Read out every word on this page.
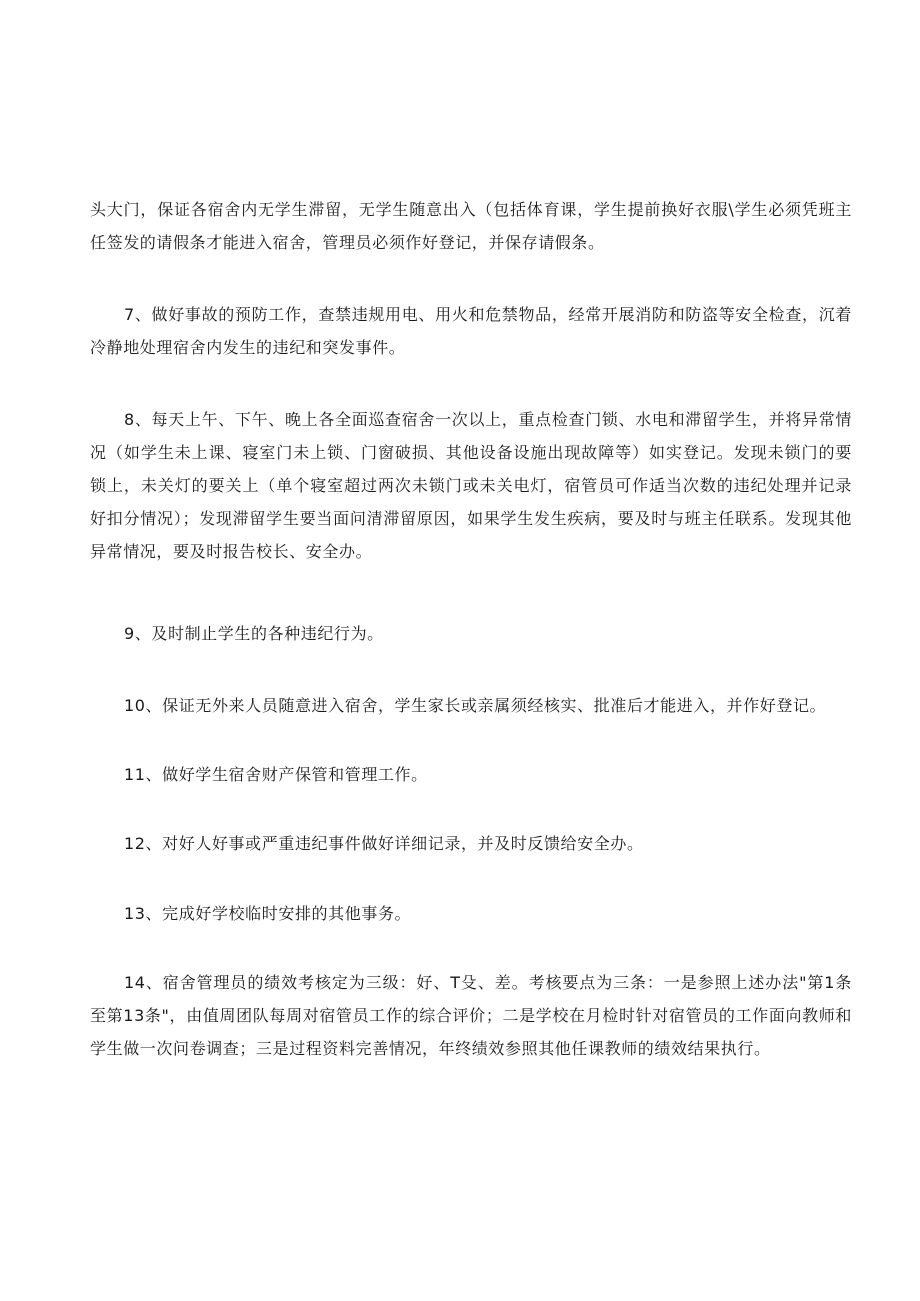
头大门，保证各宿舍内无学生滞留，无学生随意出入（包括体育课，学生提前换好衣服\学生必须凭班主任签发的请假条才能进入宿舍，管理员必须作好登记，并保存请假条。

7、做好事故的预防工作，查禁违规用电、用火和危禁物品，经常开展消防和防盗等安全检查，沉着冷静地处理宿舍内发生的违纪和突发事件。

8、每天上午、下午、晚上各全面巡查宿舍一次以上，重点检查门锁、水电和滞留学生，并将异常情况（如学生未上课、寝室门未上锁、门窗破损、其他设备设施出现故障等）如实登记。发现未锁门的要锁上，未关灯的要关上（单个寝室超过两次未锁门或未关电灯，宿管员可作适当次数的违纪处理并记录好扣分情况）；发现滞留学生要当面问清滞留原因，如果学生发生疾病，要及时与班主任联系。发现其他异常情况，要及时报告校长、安全办。

9、及时制止学生的各种违纪行为。

10、保证无外来人员随意进入宿舍，学生家长或亲属须经核实、批准后才能进入，并作好登记。

11、做好学生宿舍财产保管和管理工作。

12、对好人好事或严重违纪事件做好详细记录，并及时反馈给安全办。

13、完成好学校临时安排的其他事务。

14、宿舍管理员的绩效考核定为三级：好、T殳、差。考核要点为三条：一是参照上述办法"第1条至第13条"，由值周团队每周对宿管员工作的综合评价；二是学校在月检时针对宿管员的工作面向教师和学生做一次问卷调查；三是过程资料完善情况，年终绩效参照其他任课教师的绩效结果执行。
